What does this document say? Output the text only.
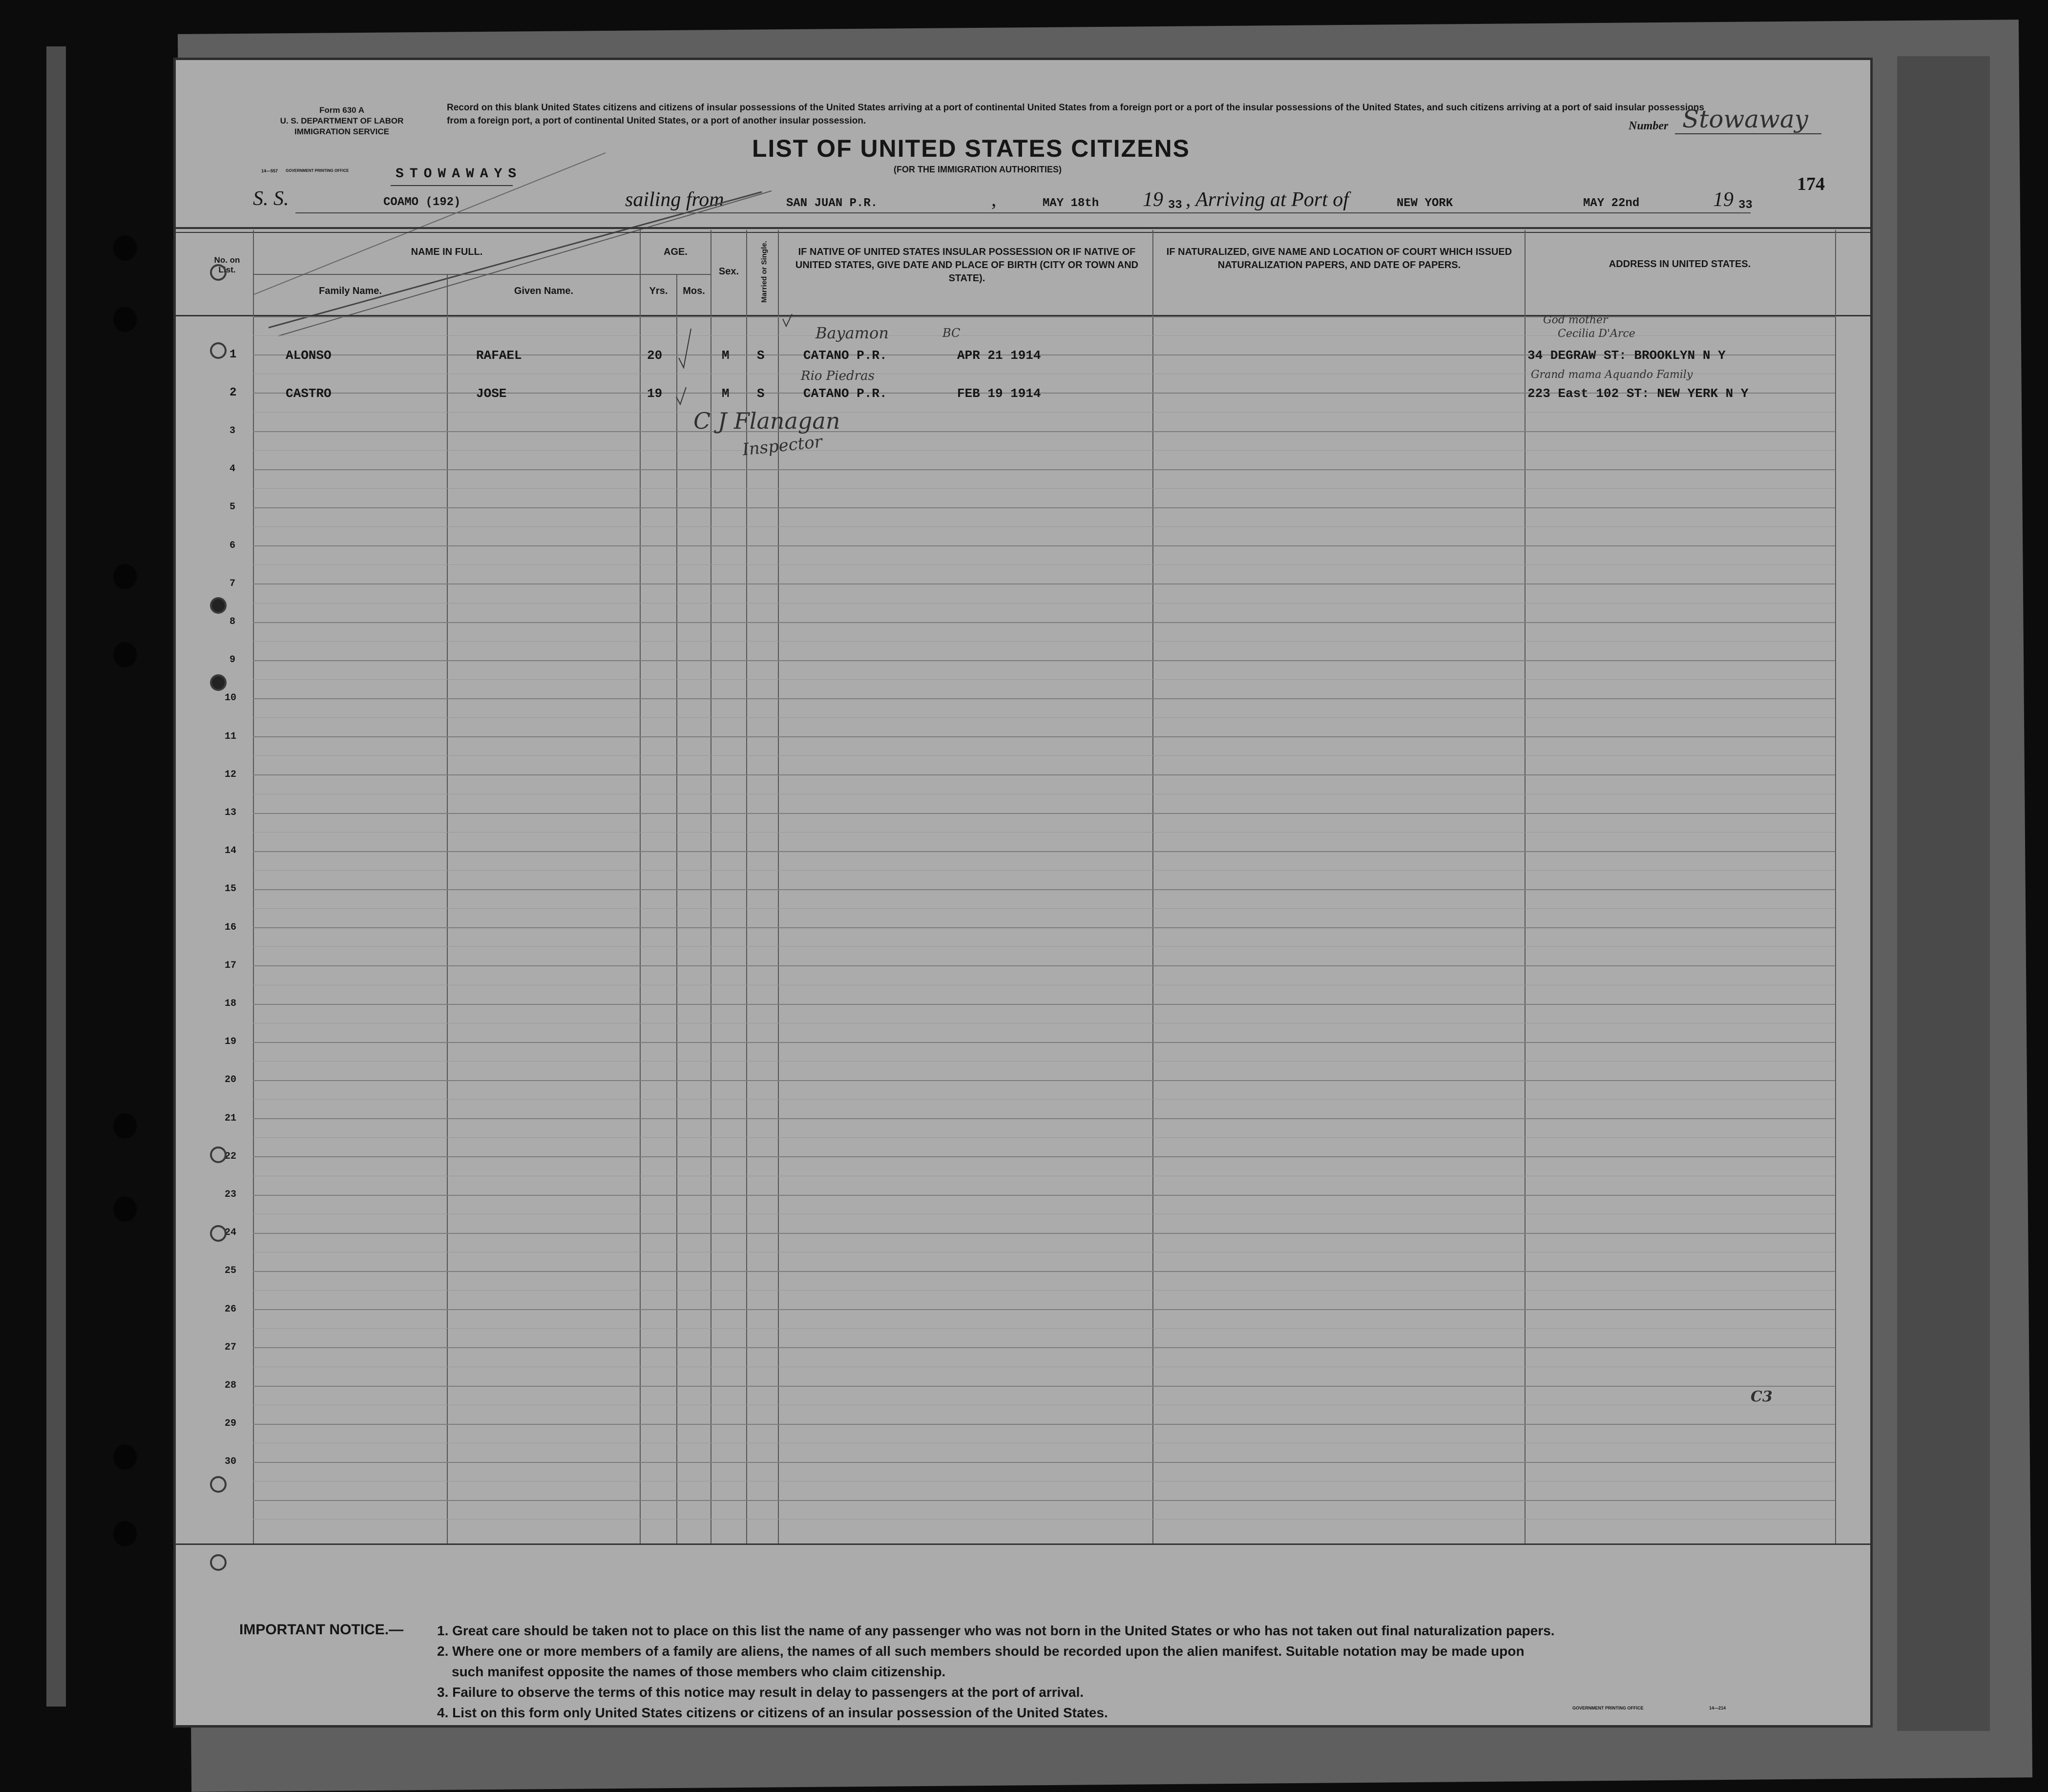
Form 630 A
U. S. DEPARTMENT OF LABOR
IMMIGRATION SERVICE
14—557 GOVERNMENT PRINTING OFFICE
Record on this blank United States citizens and citizens of insular possessions of the United States arriving at a port of continental United States from a foreign port or a port of the insular possessions of the United States, and such citizens arriving at a port of said insular possessions from a foreign port, a port of continental United States, or a port of another insular possession.
LIST OF UNITED STATES CITIZENS
(FOR THE IMMIGRATION AUTHORITIES)
Number Stowaway
174
STOWAWAYS
S. S.	COAMO (192)	sailing from	SAN JUAN P.R.	,	MAY 18th 19 33 , Arriving at Port of	NEW YORK	MAY 22nd	19 33
No. on List.
NAME IN FULL.
Family Name.	Given Name.
AGE.
Yrs.	Mos.
Sex.	Married or Single.	IF NATIVE OF UNITED STATES INSULAR POSSESSION OR IF NATIVE OF UNITED STATES, GIVE DATE AND PLACE OF BIRTH (CITY OR TOWN AND STATE).
IF NATURALIZED, GIVE NAME AND LOCATION OF COURT WHICH ISSUED NATURALIZATION PAPERS, AND DATE OF PAPERS.	ADDRESS IN UNITED STATES.
3
4
5
6
7
8
9
10
11
12
13
14
15
16
17
18
19
20
21
22
23
24
25
26
27
28
29
30
1	ALONSO	RAFAEL	20	M S	CATANO P.R.	APR 21 1914	34 DEGRAW ST: BROOKLYN N Y
2	CASTRO	JOSE	19	M S	CATANO P.R.	FEB 19 1914	223 East 102 ST: NEW YERK N Y
Bayamon	BC
Rio Piedras
C J Flanagan
Inspector
God mother
Cecilia D'Arce
Grand mama Aquando Family
C3
IMPORTANT NOTICE.— 1. Great care should be taken not to place on this list the name of any passenger who was not born in the United States or who has not taken out final naturalization papers.
2. Where one or more members of a family are aliens, the names of all such members should be recorded upon the alien manifest. Suitable notation may be made upon
such manifest opposite the names of those members who claim citizenship.
3. Failure to observe the terms of this notice may result in delay to passengers at the port of arrival.
4. List on this form only United States citizens or citizens of an insular possession of the United States.	GOVERNMENT PRINTING OFFICE	14—214
